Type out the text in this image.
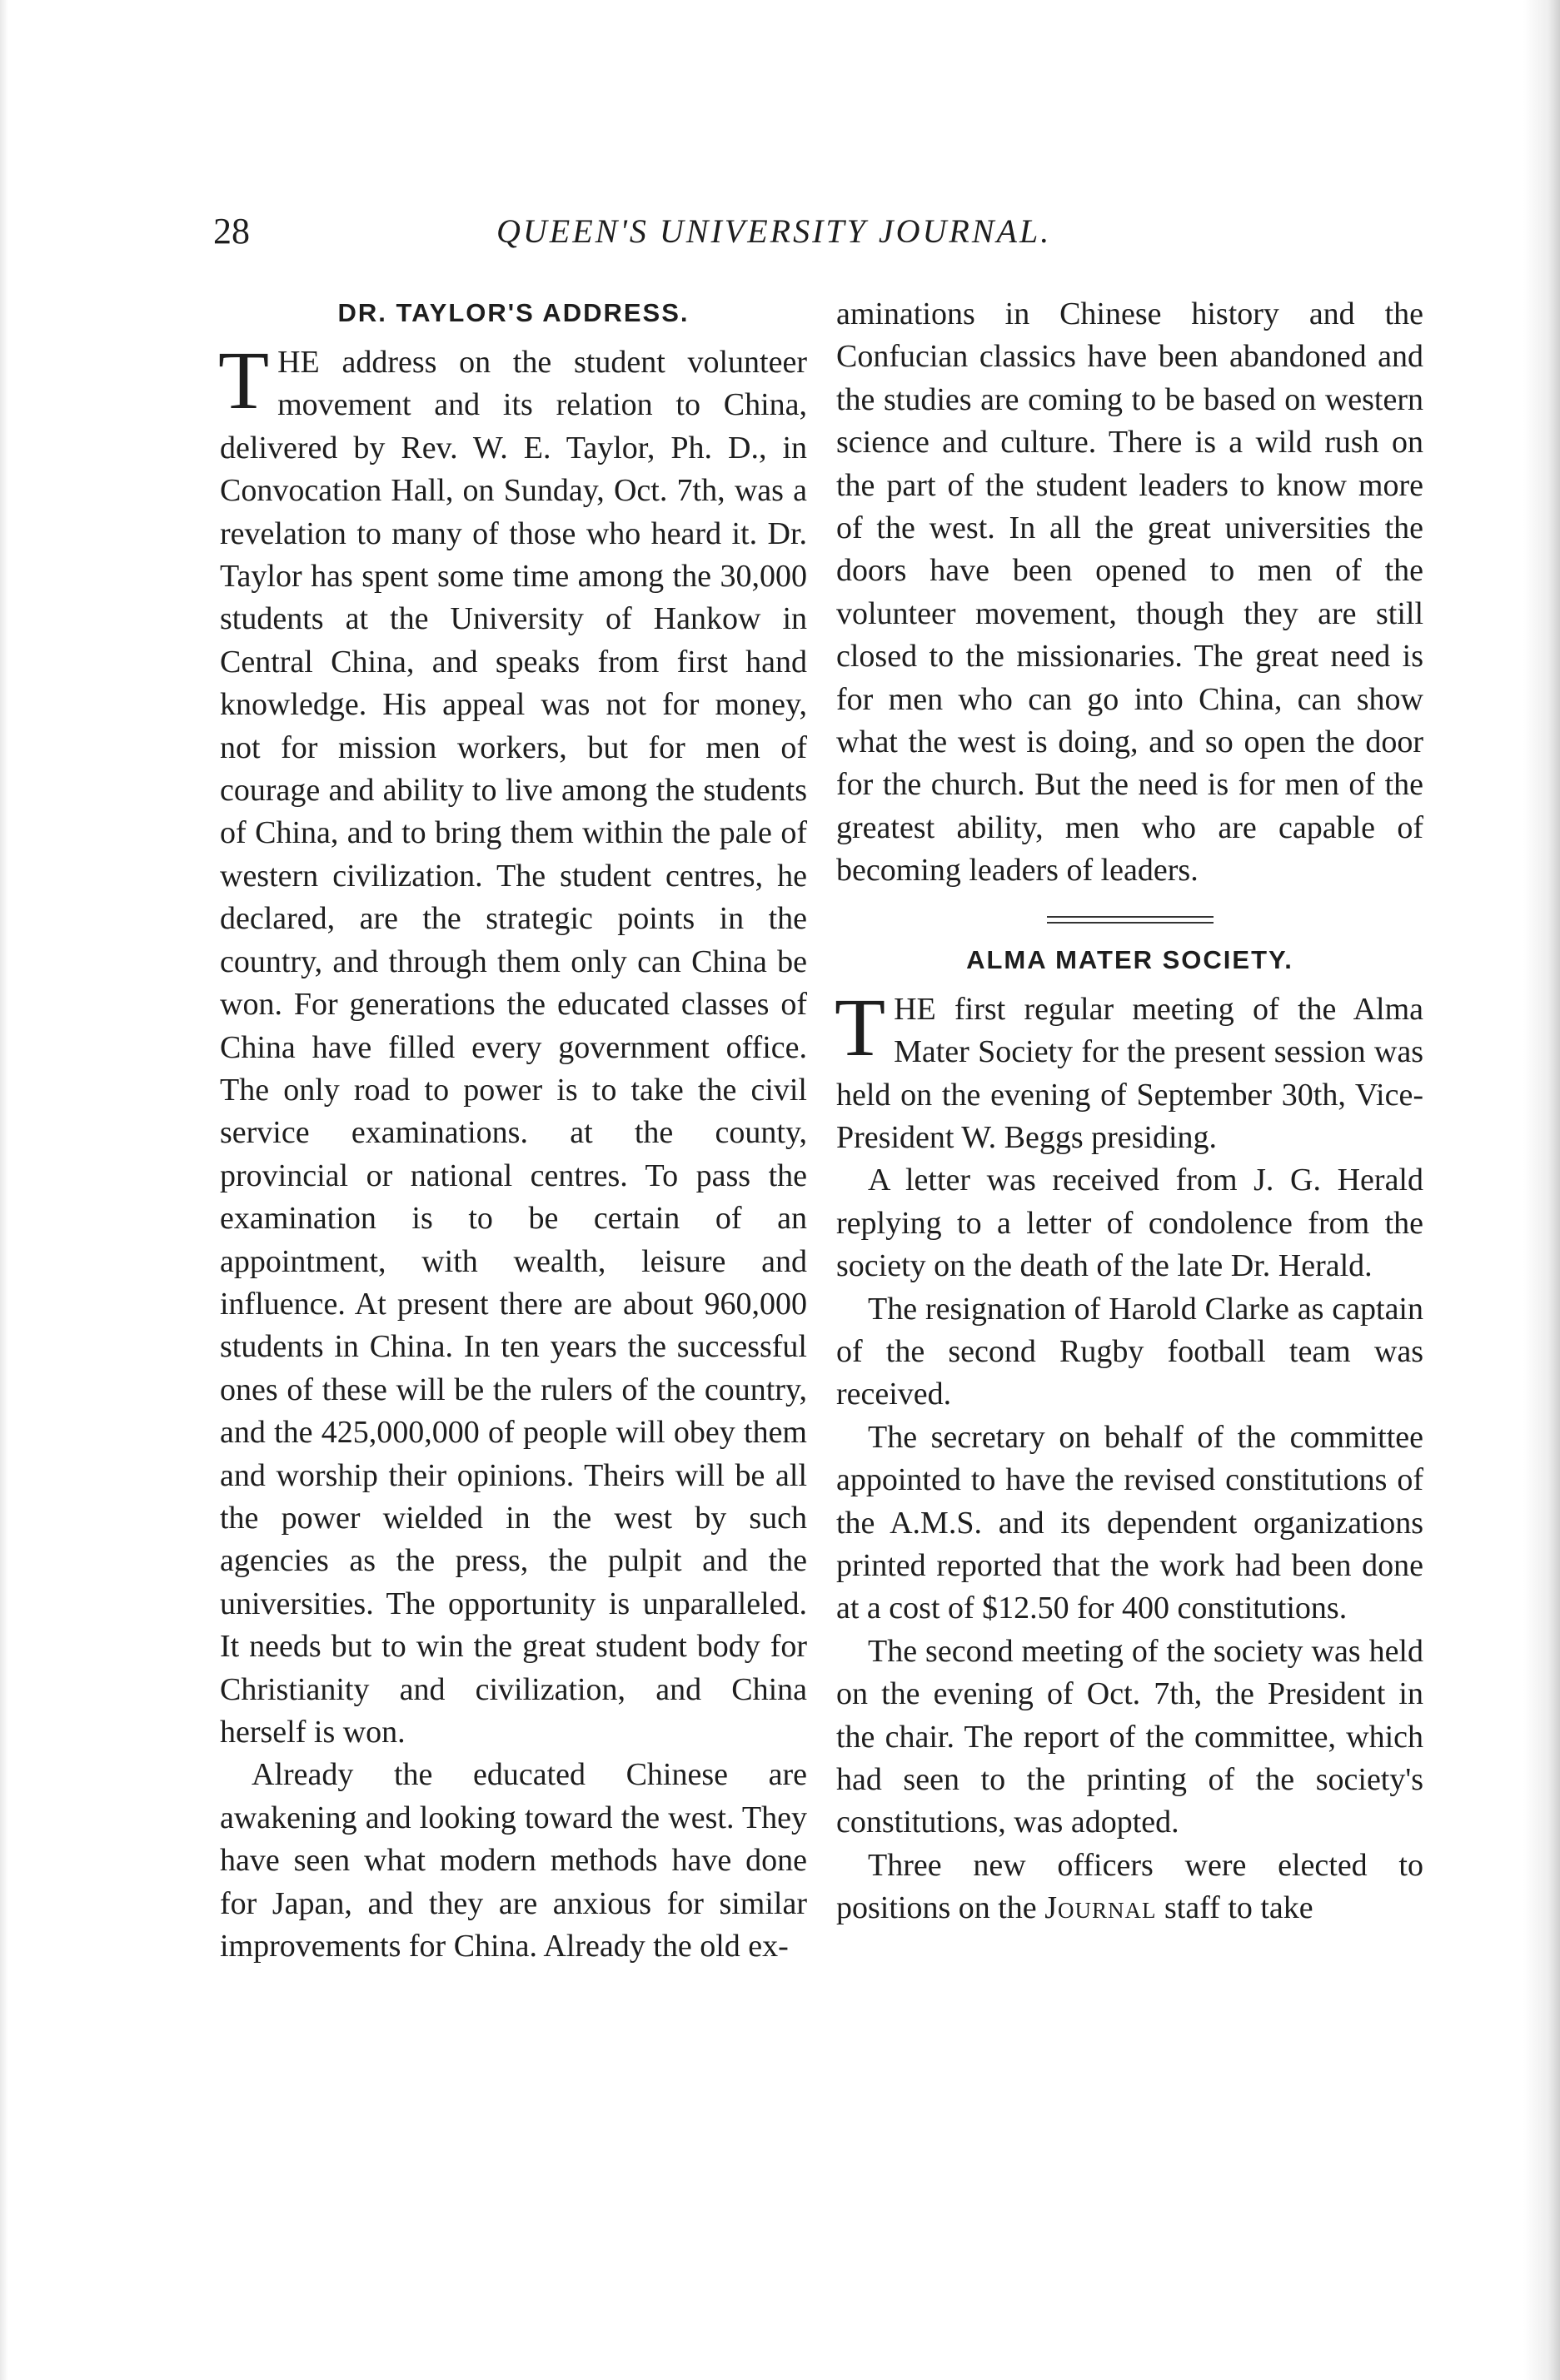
28	QUEEN'S UNIVERSITY JOURNAL.
DR. TAYLOR'S ADDRESS.

THE address on the student volunteer movement and its relation to China, delivered by Rev. W. E. Taylor, Ph. D., in Convocation Hall, on Sunday, Oct. 7th, was a revelation to many of those who heard it. Dr. Taylor has spent some time among the 30,000 students at the University of Hankow in Central China, and speaks from first hand knowledge. His appeal was not for money, not for mission workers, but for men of courage and ability to live among the students of China, and to bring them within the pale of western civilization. The student centres, he declared, are the strategic points in the country, and through them only can China be won. For generations the educated classes of China have filled every government office. The only road to power is to take the civil service examinations. at the county, provincial or national centres. To pass the examination is to be certain of an appointment, with wealth, leisure and influence. At present there are about 960,000 students in China. In ten years the successful ones of these will be the rulers of the country, and the 425,000,000 of people will obey them and worship their opinions. Theirs will be all the power wielded in the west by such agencies as the press, the pulpit and the universities. The opportunity is unparalleled. It needs but to win the great student body for Christianity and civilization, and China herself is won.

Already the educated Chinese are awakening and looking toward the west. They have seen what modern methods have done for Japan, and they are anxious for similar improvements for China. Already the old ex-

aminations in Chinese history and the Confucian classics have been abandoned and the studies are coming to be based on western science and culture. There is a wild rush on the part of the student leaders to know more of the west. In all the great universities the doors have been opened to men of the volunteer movement, though they are still closed to the missionaries. The great need is for men who can go into China, can show what the west is doing, and so open the door for the church. But the need is for men of the greatest ability, men who are capable of becoming leaders of leaders.

ALMA MATER SOCIETY.

THE first regular meeting of the Alma Mater Society for the present session was held on the evening of September 30th, Vice-President W. Beggs presiding.

A letter was received from J. G. Herald replying to a letter of condolence from the society on the death of the late Dr. Herald.

The resignation of Harold Clarke as captain of the second Rugby football team was received.

The secretary on behalf of the committee appointed to have the revised constitutions of the A.M.S. and its dependent organizations printed reported that the work had been done at a cost of $12.50 for 400 constitutions.

The second meeting of the society was held on the evening of Oct. 7th, the President in the chair. The report of the committee, which had seen to the printing of the society's constitutions, was adopted.

Three new officers were elected to positions on the Journal staff to take
